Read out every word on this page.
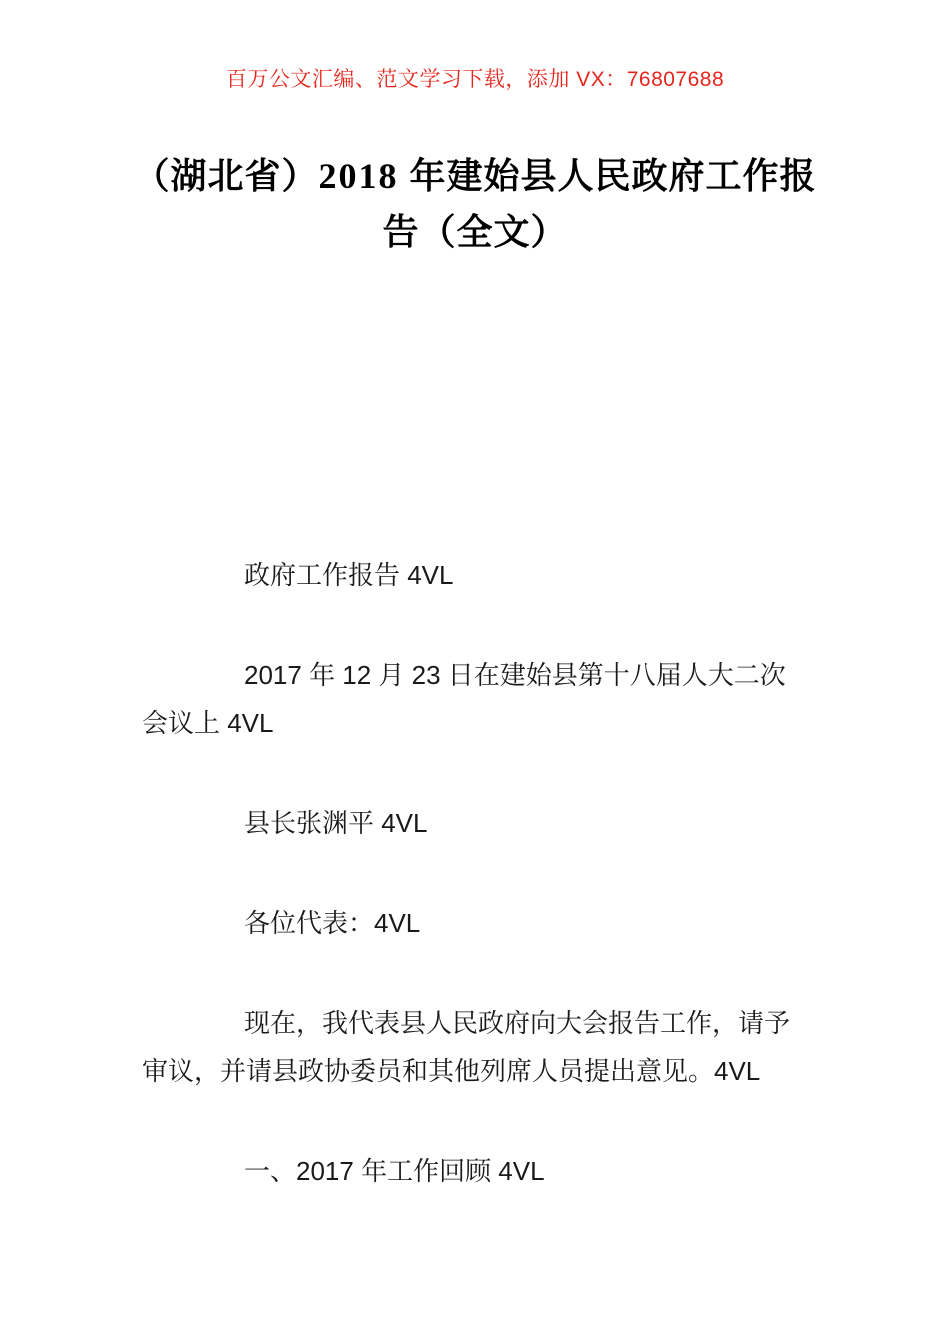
百万公文汇编、范文学习下载，添加 VX：76807688
（湖北省）2018 年建始县人民政府工作报
告（全文）

政府工作报告 4VL

2017 年 12 月 23 日在建始县第十八届人大二次
会议上 4VL

县长张渊平 4VL

各位代表：4VL

现在，我代表县人民政府向大会报告工作，请予
审议，并请县政协委员和其他列席人员提出意见。4VL

一、2017 年工作回顾 4VL
